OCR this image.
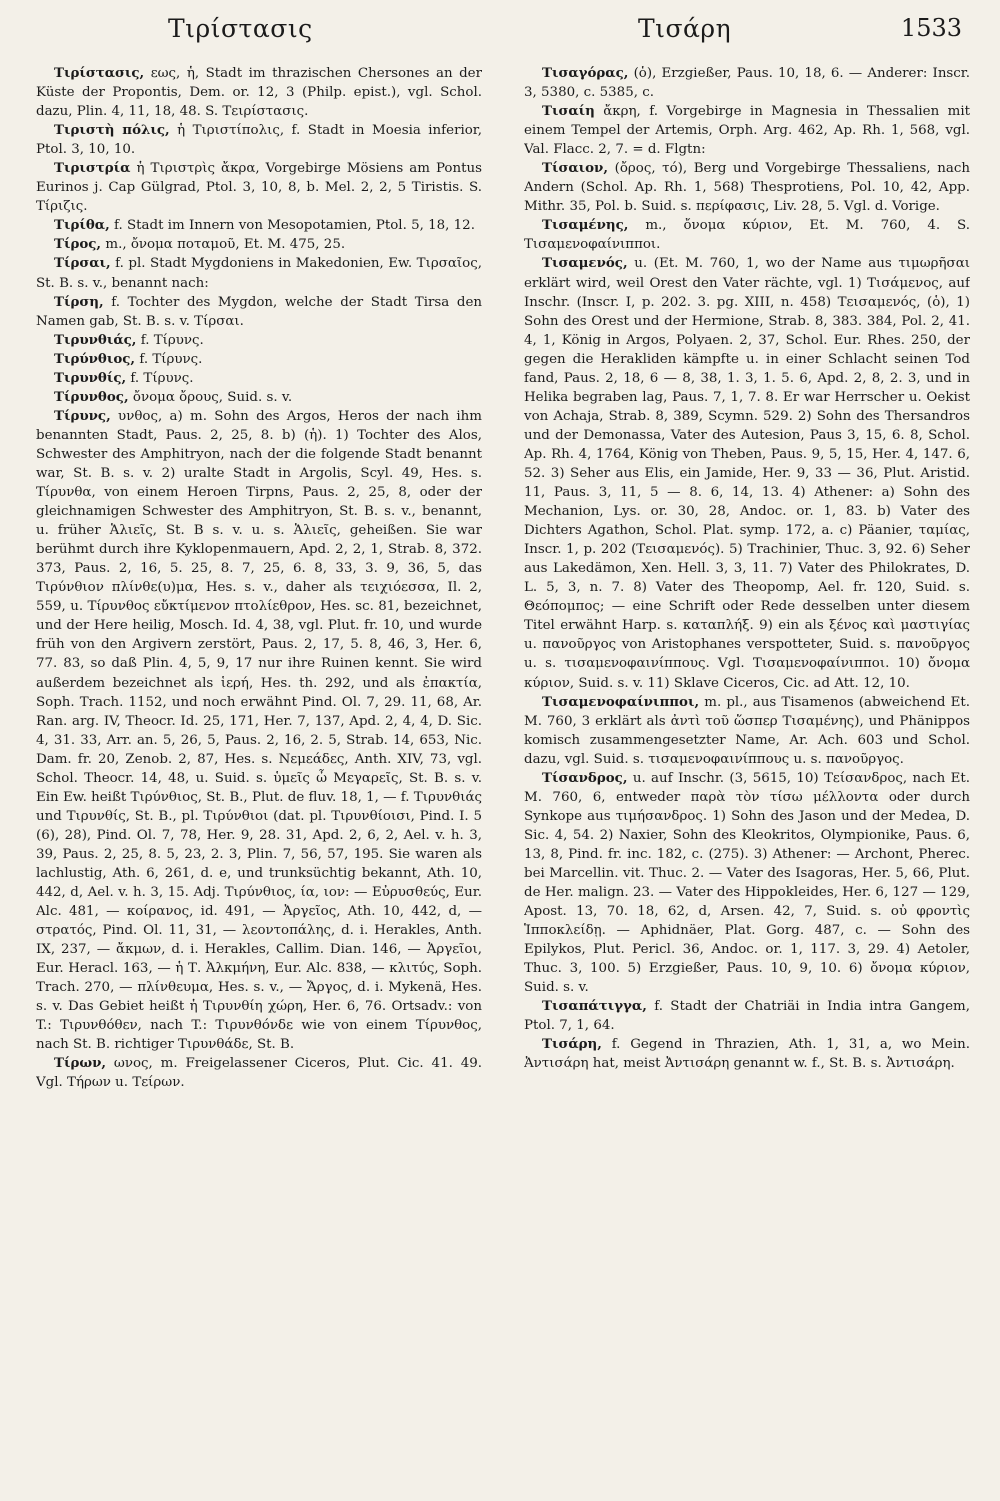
Τιρίστασις	Τισάρη	1533

Τιρίστασις, εως, ἡ, Stadt im thrazischen Chersones an der Küste der Propontis, Dem. or. 12, 3 (Philp. epist.), vgl. Schol. dazu, Plin. 4, 11, 18, 48. S. Τειρίστασις.

Τιριστὴ πόλις, ἡ Τιριστίπολις, f. Stadt in Moesia inferior, Ptol. 3, 10, 10.

Τιριστρία ἡ Τιριστρὶς ἄκρα, Vorgebirge Mösiens am Pontus Eurinos j. Cap Gülgrad, Ptol. 3, 10, 8, b. Mel. 2, 2, 5 Tiristis. S. Τίριζις.

Τιρίθα, f. Stadt im Innern von Mesopotamien, Ptol. 5, 18, 12.

Τίρος, m., ὄνομα ποταμοῦ, Et. M. 475, 25.

Τίρσαι, f. pl. Stadt Mygdoniens in Makedonien, Ew. Τιρσαῖος, St. B. s. v., benannt nach:

Τίρση, f. Tochter des Mygdon, welche der Stadt Tirsa den Namen gab, St. B. s. v. Τίρσαι.

Τιρυνθιάς, f. Τίρυνς.

Τιρύνθιος, f. Τίρυνς.

Τιρυνθίς, f. Τίρυνς.

Τίρυνθος, ὄνομα ὄρους, Suid. s. v.

Τίρυνς, υνθος, a) m. Sohn des Argos, Heros der nach ihm benannten Stadt, Paus. 2, 25, 8. b) (ἡ). 1) Tochter des Alos, Schwester des Amphitryon, nach der die folgende Stadt benannt war, St. B. s. v. 2) uralte Stadt in Argolis, Scyl. 49, Hes. s. Τίρυνθα, von einem Heroen Tirpns, Paus. 2, 25, 8, oder der gleichnamigen Schwester des Amphitryon, St. B. s. v., benannt, u. früher Ἁλιεῖς, St. B s. v. u. s. Ἁλιεῖς, geheißen. Sie war berühmt durch ihre Kyklopenmauern, Apd. 2, 2, 1, Strab. 8, 372. 373, Paus. 2, 16, 5. 25, 8. 7, 25, 6. 8, 33, 3. 9, 36, 5, das Τιρύνθιον πλίνθε(υ)μα, Hes. s. v., daher als τειχιόεσσα, Il. 2, 559, u. Τίρυνθος εὔκτίμενον πτολίεθρον, Hes. sc. 81, bezeichnet, und der Here heilig, Mosch. Id. 4, 38, vgl. Plut. fr. 10, und wurde früh von den Argivern zerstört, Paus. 2, 17, 5. 8, 46, 3, Her. 6, 77. 83, so daß Plin. 4, 5, 9, 17 nur ihre Ruinen kennt. Sie wird außerdem bezeichnet als ἱερή, Hes. th. 292, und als ἐπακτία, Soph. Trach. 1152, und noch erwähnt Pind. Ol. 7, 29. 11, 68, Ar. Ran. arg. IV, Theocr. Id. 25, 171, Her. 7, 137, Apd. 2, 4, 4, D. Sic. 4, 31. 33, Arr. an. 5, 26, 5, Paus. 2, 16, 2. 5, Strab. 14, 653, Nic. Dam. fr. 20, Zenob. 2, 87, Hes. s. Νεμεάδες, Anth. XIV, 73, vgl. Schol. Theocr. 14, 48, u. Suid. s. ὑμεῖς ὦ Μεγαρεῖς, St. B. s. v. Ein Ew. heißt Τιρύνθιος, St. B., Plut. de fluv. 18, 1, — f. Τιρυνθιάς und Τιρυνθίς, St. B., pl. Τιρύνθιοι (dat. pl. Τιρυνθίοισι, Pind. I. 5 (6), 28), Pind. Ol. 7, 78, Her. 9, 28. 31, Apd. 2, 6, 2, Ael. v. h. 3, 39, Paus. 2, 25, 8. 5, 23, 2. 3, Plin. 7, 56, 57, 195. Sie waren als lachlustig, Ath. 6, 261, d. e, und trunksüchtig bekannt, Ath. 10, 442, d, Ael. v. h. 3, 15. Adj. Τιρύνθιος, ία, ιον: — Εὐρυσθεύς, Eur. Alc. 481, — κοίρανος, id. 491, — Ἀργεῖος, Ath. 10, 442, d, — στρατός, Pind. Ol. 11, 31, — λεοντοπάλης, d. i. Herakles, Anth. IX, 237, — ἄκμων, d. i. Herakles, Callim. Dian. 146, — Ἀργεῖοι, Eur. Heracl. 163, — ἡ Τ. Ἀλκμήνη, Eur. Alc. 838, — κλιτύς, Soph. Trach. 270, — πλίνθευμα, Hes. s. v., — Ἄργος, d. i. Mykenä, Hes. s. v. Das Gebiet heißt ἡ Τιρυνθίη χώρη, Her. 6, 76. Ortsadv.: von T.: Τιρυνθόθεν, nach T.: Τιρυνθόνδε wie von einem Τίρυνθος, nach St. B. richtiger Τιρυνθάδε, St. B.

Τίρων, ωνος, m. Freigelassener Ciceros, Plut. Cic. 41. 49. Vgl. Τήρων u. Τείρων.

Τισαγόρας, (ὁ), Erzgießer, Paus. 10, 18, 6. — Anderer: Inscr. 3, 5380, c. 5385, c.

Τισαίη ἄκρη, f. Vorgebirge in Magnesia in Thessalien mit einem Tempel der Artemis, Orph. Arg. 462, Ap. Rh. 1, 568, vgl. Val. Flacc. 2, 7. = d. Flgtn:

Τίσαιον, (ὄρος, τό), Berg und Vorgebirge Thessaliens, nach Andern (Schol. Ap. Rh. 1, 568) Thesprotiens, Pol. 10, 42, App. Mithr. 35, Pol. b. Suid. s. περίφασις, Liv. 28, 5. Vgl. d. Vorige.

Τισαμένης, m., ὄνομα κύριον, Et. M. 760, 4. S. Τισαμενοφαίνιπποι.

Τισαμενός, u. (Et. M. 760, 1, wo der Name aus τιμωρῆσαι erklärt wird, weil Orest den Vater rächte, vgl. 1) Τισάμενος, auf Inschr. (Inscr. I, p. 202. 3. pg. XIII, n. 458) Τεισαμενός, (ὁ), 1) Sohn des Orest und der Hermione, Strab. 8, 383. 384, Pol. 2, 41. 4, 1, König in Argos, Polyaen. 2, 37, Schol. Eur. Rhes. 250, der gegen die Herakliden kämpfte u. in einer Schlacht seinen Tod fand, Paus. 2, 18, 6 — 8, 38, 1. 3, 1. 5. 6, Apd. 2, 8, 2. 3, und in Helika begraben lag, Paus. 7, 1, 7. 8. Er war Herrscher u. Oekist von Achaja, Strab. 8, 389, Scymn. 529. 2) Sohn des Thersandros und der Demonassa, Vater des Autesion, Paus 3, 15, 6. 8, Schol. Ap. Rh. 4, 1764, König von Theben, Paus. 9, 5, 15, Her. 4, 147. 6, 52. 3) Seher aus Elis, ein Jamide, Her. 9, 33 — 36, Plut. Aristid. 11, Paus. 3, 11, 5 — 8. 6, 14, 13. 4) Athener: a) Sohn des Mechanion, Lys. or. 30, 28, Andoc. or. 1, 83. b) Vater des Dichters Agathon, Schol. Plat. symp. 172, a. c) Päanier, ταμίας, Inscr. 1, p. 202 (Τεισαμενός). 5) Trachinier, Thuc. 3, 92. 6) Seher aus Lakedämon, Xen. Hell. 3, 3, 11. 7) Vater des Philokrates, D. L. 5, 3, n. 7. 8) Vater des Theopomp, Ael. fr. 120, Suid. s. Θεόπομπος; — eine Schrift oder Rede desselben unter diesem Titel erwähnt Harp. s. καταπλήξ. 9) ein als ξένος καὶ μαστιγίας u. πανοῦργος von Aristophanes verspotteter, Suid. s. πανοῦργος u. s. τισαμενοφαινίππους. Vgl. Τισαμενοφαίνιπποι. 10) ὄνομα κύριον, Suid. s. v. 11) Sklave Ciceros, Cic. ad Att. 12, 10.

Τισαμενοφαίνιπποι, m. pl., aus Tisamenos (abweichend Et. M. 760, 3 erklärt als ἀντὶ τοῦ ὥσπερ Τισαμένης), und Phänippos komisch zusammengesetzter Name, Ar. Ach. 603 und Schol. dazu, vgl. Suid. s. τισαμενοφαινίππους u. s. πανοῦργος.

Τίσανδρος, u. auf Inschr. (3, 5615, 10) Τείσανδρος, nach Et. M. 760, 6, entweder παρὰ τὸν τίσω μέλλοντα oder durch Synkope aus τιμήσανδρος. 1) Sohn des Jason und der Medea, D. Sic. 4, 54. 2) Naxier, Sohn des Kleokritos, Olympionike, Paus. 6, 13, 8, Pind. fr. inc. 182, c. (275). 3) Athener: — Archont, Pherec. bei Marcellin. vit. Thuc. 2. — Vater des Isagoras, Her. 5, 66, Plut. de Her. malign. 23. — Vater des Hippokleides, Her. 6, 127 — 129, Apost. 13, 70. 18, 62, d, Arsen. 42, 7, Suid. s. οὐ φροντὶς Ἱπποκλείδῃ. — Aphidnäer, Plat. Gorg. 487, c. — Sohn des Epilykos, Plut. Pericl. 36, Andoc. or. 1, 117. 3, 29. 4) Aetoler, Thuc. 3, 100. 5) Erzgießer, Paus. 10, 9, 10. 6) ὄνομα κύριον, Suid. s. v.

Τισαπάτιγγα, f. Stadt der Chatriäi in India intra Gangem, Ptol. 7, 1, 64.

Τισάρη, f. Gegend in Thrazien, Ath. 1, 31, a, wo Mein. Ἀντισάρη hat, meist Ἀντισάρη genannt w. f., St. B. s. Ἀντισάρη.
